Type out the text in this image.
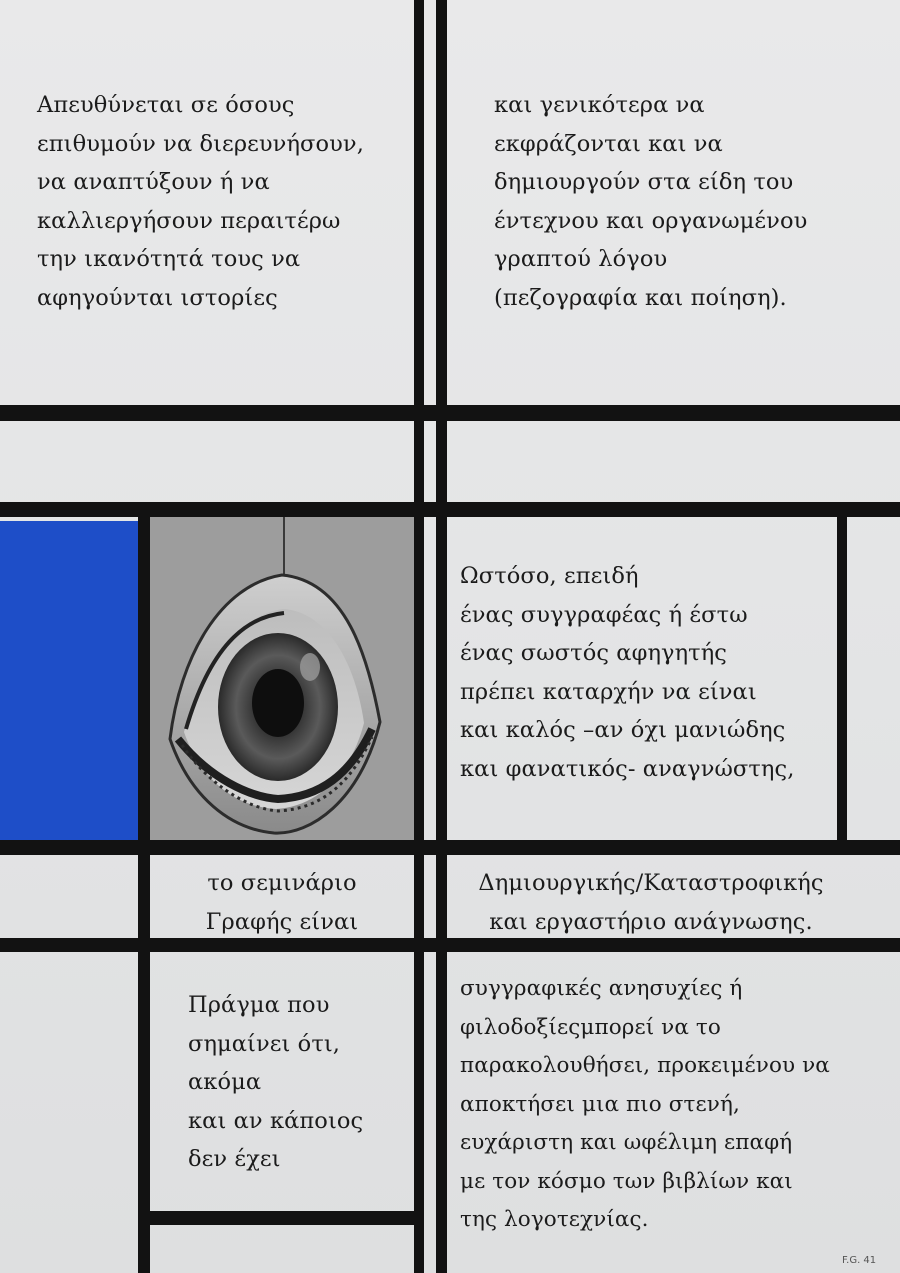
Απευθύνεται σε όσους
επιθυμούν να διερευνήσουν,
να αναπτύξουν ή να
καλλιεργήσουν περαιτέρω
την ικανότητά τους να
αφηγούνται ιστορίες
και γενικότερα να
εκφράζονται και να
δημιουργούν στα είδη του
έντεχνου και οργανωμένου
γραπτού λόγου
(πεζογραφία και ποίηση).
Ωστόσο, επειδή
ένας συγγραφέας ή έστω
ένας σωστός αφηγητής
πρέπει καταρχήν να είναι
και καλός –αν όχι μανιώδης
και φανατικός- αναγνώστης,
το σεμινάριο
Γραφής είναι
Δημιουργικής/Καταστροφικής
και εργαστήριο ανάγνωσης.
Πράγμα που
σημαίνει ότι,
ακόμα
και αν κάποιος
δεν έχει
συγγραφικές ανησυχίες ή
φιλοδοξίεςμπορεί να το
παρακολουθήσει, προκειμένου να
αποκτήσει μια πιο στενή,
ευχάριστη και ωφέλιμη επαφή
με τον κόσμο των βιβλίων και
της λογοτεχνίας.
F.G. 41
